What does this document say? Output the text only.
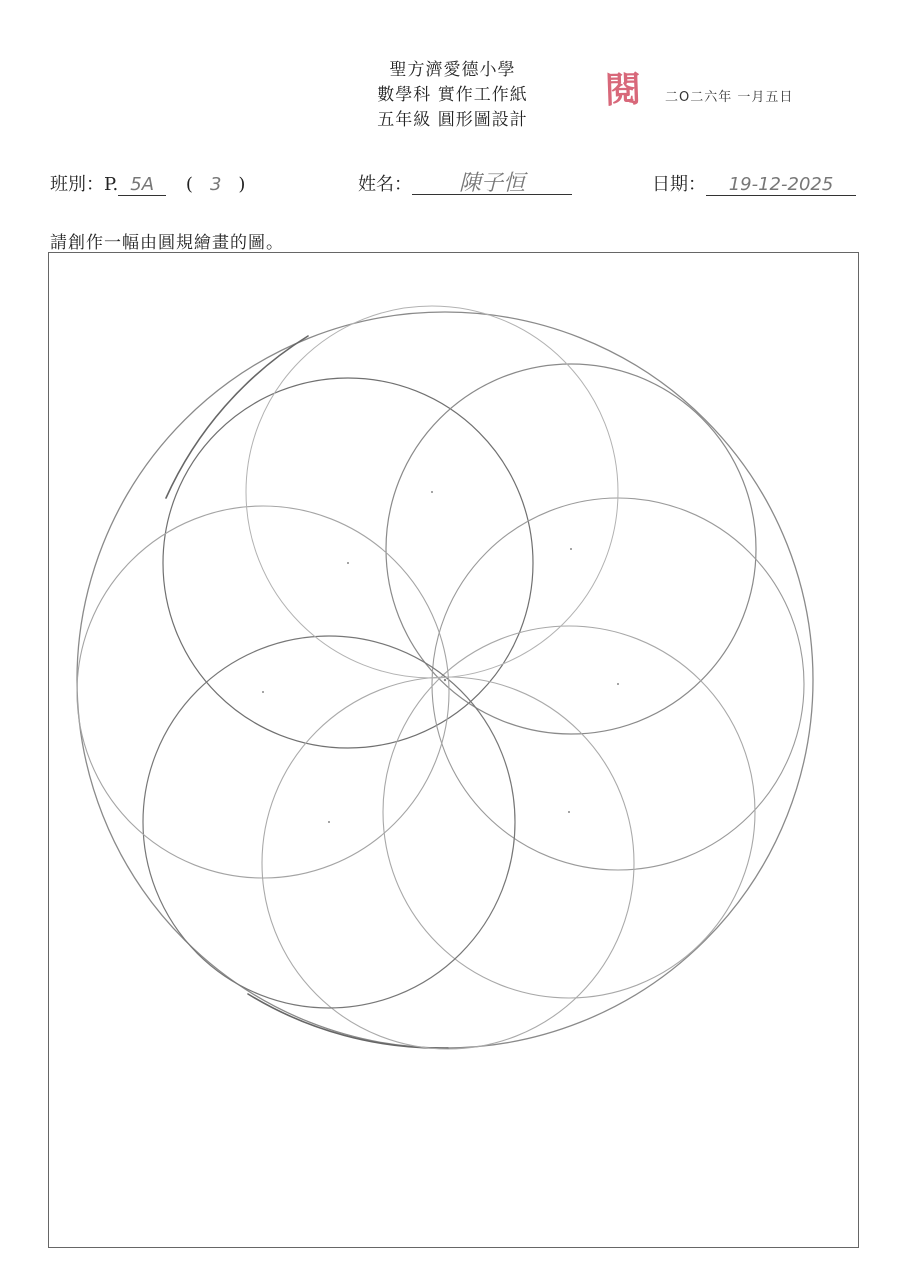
聖方濟愛德小學
數學科 實作工作紙
五年級 圓形圖設計
閱 二O二六年 一月五日
班別：P. 5A ( 3 )	姓名： 陳子恒	日期： 19-12-2025
請創作一幅由圓規繪畫的圖。
